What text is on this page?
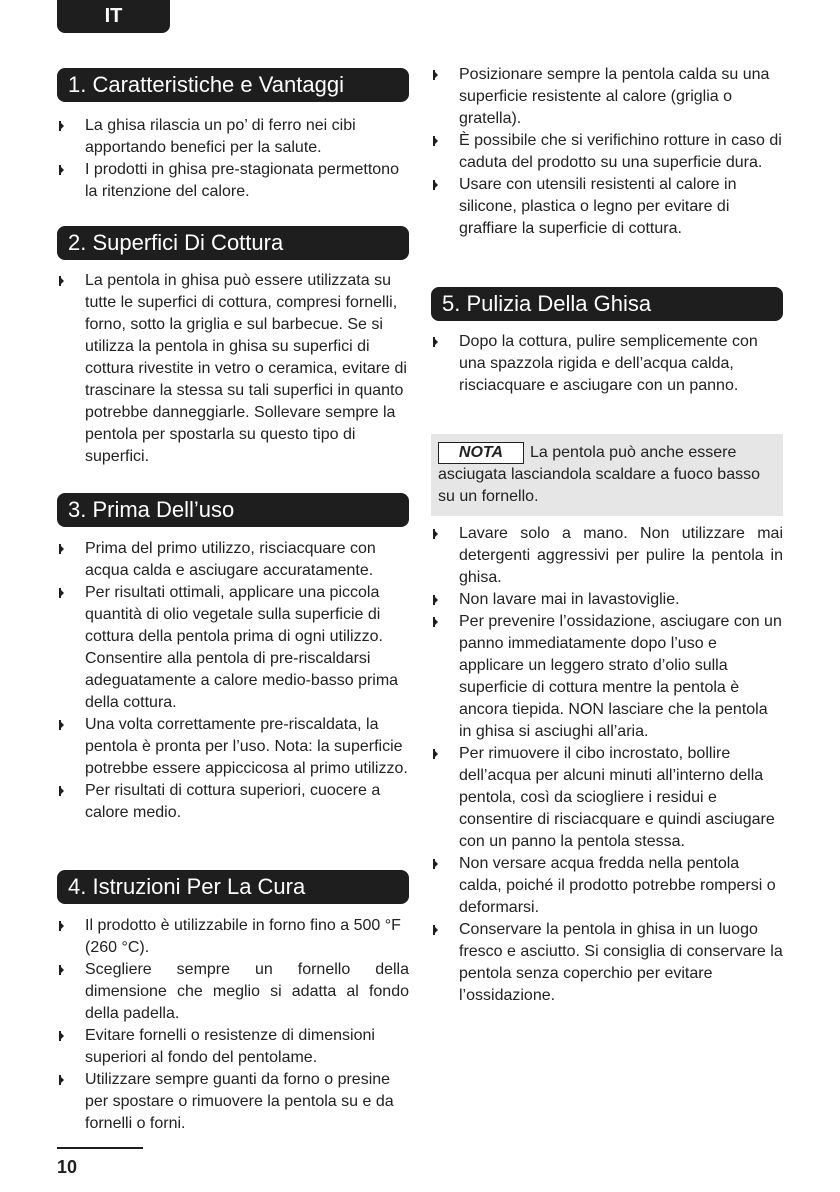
IT
1. Caratteristiche e Vantaggi
La ghisa rilascia un po’ di ferro nei cibi apportando benefici per la salute.
I prodotti in ghisa pre-stagionata permettono la ritenzione del calore.
2. Superfici Di Cottura
La pentola in ghisa può essere utilizzata su tutte le superfici di cottura, compresi fornelli, forno, sotto la griglia e sul barbecue. Se si utilizza la pentola in ghisa su superfici di cottura rivestite in vetro o ceramica, evitare di trascinare la stessa su tali superfici in quanto potrebbe danneggiarle. Sollevare sempre la pentola per spostarla su questo tipo di superfici.
3. Prima Dell’uso
Prima del primo utilizzo, risciacquare con acqua calda e asciugare accuratamente.
Per risultati ottimali, applicare una piccola quantità di olio vegetale sulla superficie di cottura della pentola prima di ogni utilizzo. Consentire alla pentola di pre-riscaldarsi adeguatamente a calore medio-basso prima della cottura.
Una volta correttamente pre-riscaldata, la pentola è pronta per l’uso. Nota: la superficie potrebbe essere appiccicosa al primo utilizzo.
Per risultati di cottura superiori, cuocere a calore medio.
4. Istruzioni Per La Cura
Il prodotto è utilizzabile in forno fino a 500 °F (260 °C).
Scegliere sempre un fornello della dimensione che meglio si adatta al fondo della padella.
Evitare fornelli o resistenze di dimensioni superiori al fondo del pentolame.
Utilizzare sempre guanti da forno o presine per spostare o rimuovere la pentola su e da fornelli o forni.
Posizionare sempre la pentola calda su una superficie resistente al calore (griglia o gratella).
È possibile che si verifichino rotture in caso di caduta del prodotto su una superficie dura.
Usare con utensili resistenti al calore in silicone, plastica o legno per evitare di graffiare la superficie di cottura.
5. Pulizia Della Ghisa
Dopo la cottura, pulire semplicemente con una spazzola rigida e dell’acqua calda, risciacquare e asciugare con un panno.
NOTA La pentola può anche essere asciugata lasciandola scaldare a fuoco basso su un fornello.
Lavare solo a mano. Non utilizzare mai detergenti aggressivi per pulire la pentola in ghisa.
Non lavare mai in lavastoviglie.
Per prevenire l’ossidazione, asciugare con un panno immediatamente dopo l’uso e applicare un leggero strato d’olio sulla superficie di cottura mentre la pentola è ancora tiepida. NON lasciare che la pentola in ghisa si asciughi all’aria.
Per rimuovere il cibo incrostato, bollire dell’acqua per alcuni minuti all’interno della pentola, così da sciogliere i residui e consentire di risciacquare e quindi asciugare con un panno la pentola stessa.
Non versare acqua fredda nella pentola calda, poiché il prodotto potrebbe rompersi o deformarsi.
Conservare la pentola in ghisa in un luogo fresco e asciutto. Si consiglia di conservare la pentola senza coperchio per evitare l’ossidazione.
10
